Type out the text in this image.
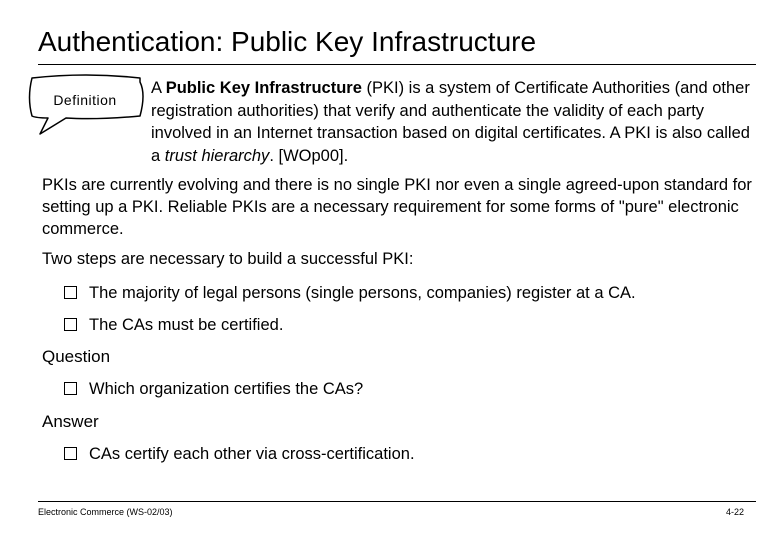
Authentication: Public Key Infrastructure
Definition
A Public Key Infrastructure (PKI) is a system of Certificate Authorities (and other registration authorities) that verify and authenticate the validity of each party involved in an Internet transaction based on digital certificates. A PKI is also called a trust hierarchy. [WOp00].
PKIs are currently evolving and there is no single PKI nor even a single agreed-upon standard for setting up a PKI. Reliable PKIs are a necessary requirement for some forms of "pure" electronic commerce.
Two steps are necessary to build a successful PKI:
The majority of legal persons (single persons, companies) register at a CA.
The CAs must be certified.
Question
Which organization certifies the CAs?
Answer
CAs certify each other via cross-certification.
Electronic Commerce (WS-02/03)	4-22
